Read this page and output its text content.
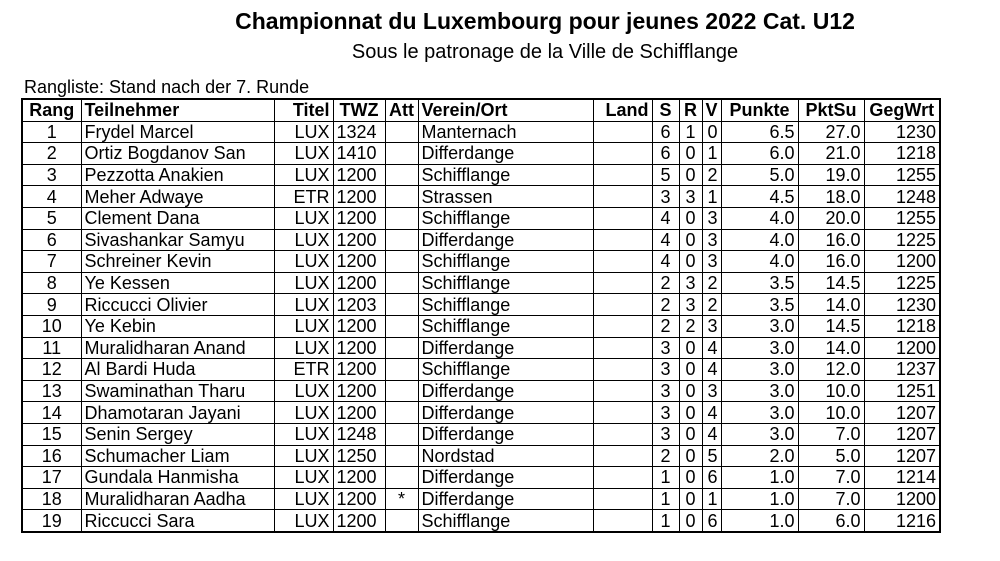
Championnat du Luxembourg pour jeunes 2022 Cat. U12
Sous le patronage de la Ville de Schifflange
Rangliste: Stand nach der 7. Runde
Rang	Teilnehmer	Titel	TWZ	Att	Verein/Ort	Land	S	R	V	Punkte	PktSu	GegWrt
1	Frydel Marcel	LUX	1324		Manternach		6	1	0	6.5	27.0	1230
2	Ortiz Bogdanov San	LUX	1410		Differdange		6	0	1	6.0	21.0	1218
3	Pezzotta Anakien	LUX	1200		Schifflange		5	0	2	5.0	19.0	1255
4	Meher Adwaye	ETR	1200		Strassen		3	3	1	4.5	18.0	1248
5	Clement Dana	LUX	1200		Schifflange		4	0	3	4.0	20.0	1255
6	Sivashankar Samyu	LUX	1200		Differdange		4	0	3	4.0	16.0	1225
7	Schreiner Kevin	LUX	1200		Schifflange		4	0	3	4.0	16.0	1200
8	Ye Kessen	LUX	1200		Schifflange		2	3	2	3.5	14.5	1225
9	Riccucci Olivier	LUX	1203		Schifflange		2	3	2	3.5	14.0	1230
10	Ye Kebin	LUX	1200		Schifflange		2	2	3	3.0	14.5	1218
11	Muralidharan Anand	LUX	1200		Differdange		3	0	4	3.0	14.0	1200
12	Al Bardi Huda	ETR	1200		Schifflange		3	0	4	3.0	12.0	1237
13	Swaminathan Tharu	LUX	1200		Differdange		3	0	3	3.0	10.0	1251
14	Dhamotaran Jayani	LUX	1200		Differdange		3	0	4	3.0	10.0	1207
15	Senin Sergey	LUX	1248		Differdange		3	0	4	3.0	7.0	1207
16	Schumacher Liam	LUX	1250		Nordstad		2	0	5	2.0	5.0	1207
17	Gundala Hanmisha	LUX	1200		Differdange		1	0	6	1.0	7.0	1214
18	Muralidharan Aadha	LUX	1200	*	Differdange		1	0	1	1.0	7.0	1200
19	Riccucci Sara	LUX	1200		Schifflange		1	0	6	1.0	6.0	1216
